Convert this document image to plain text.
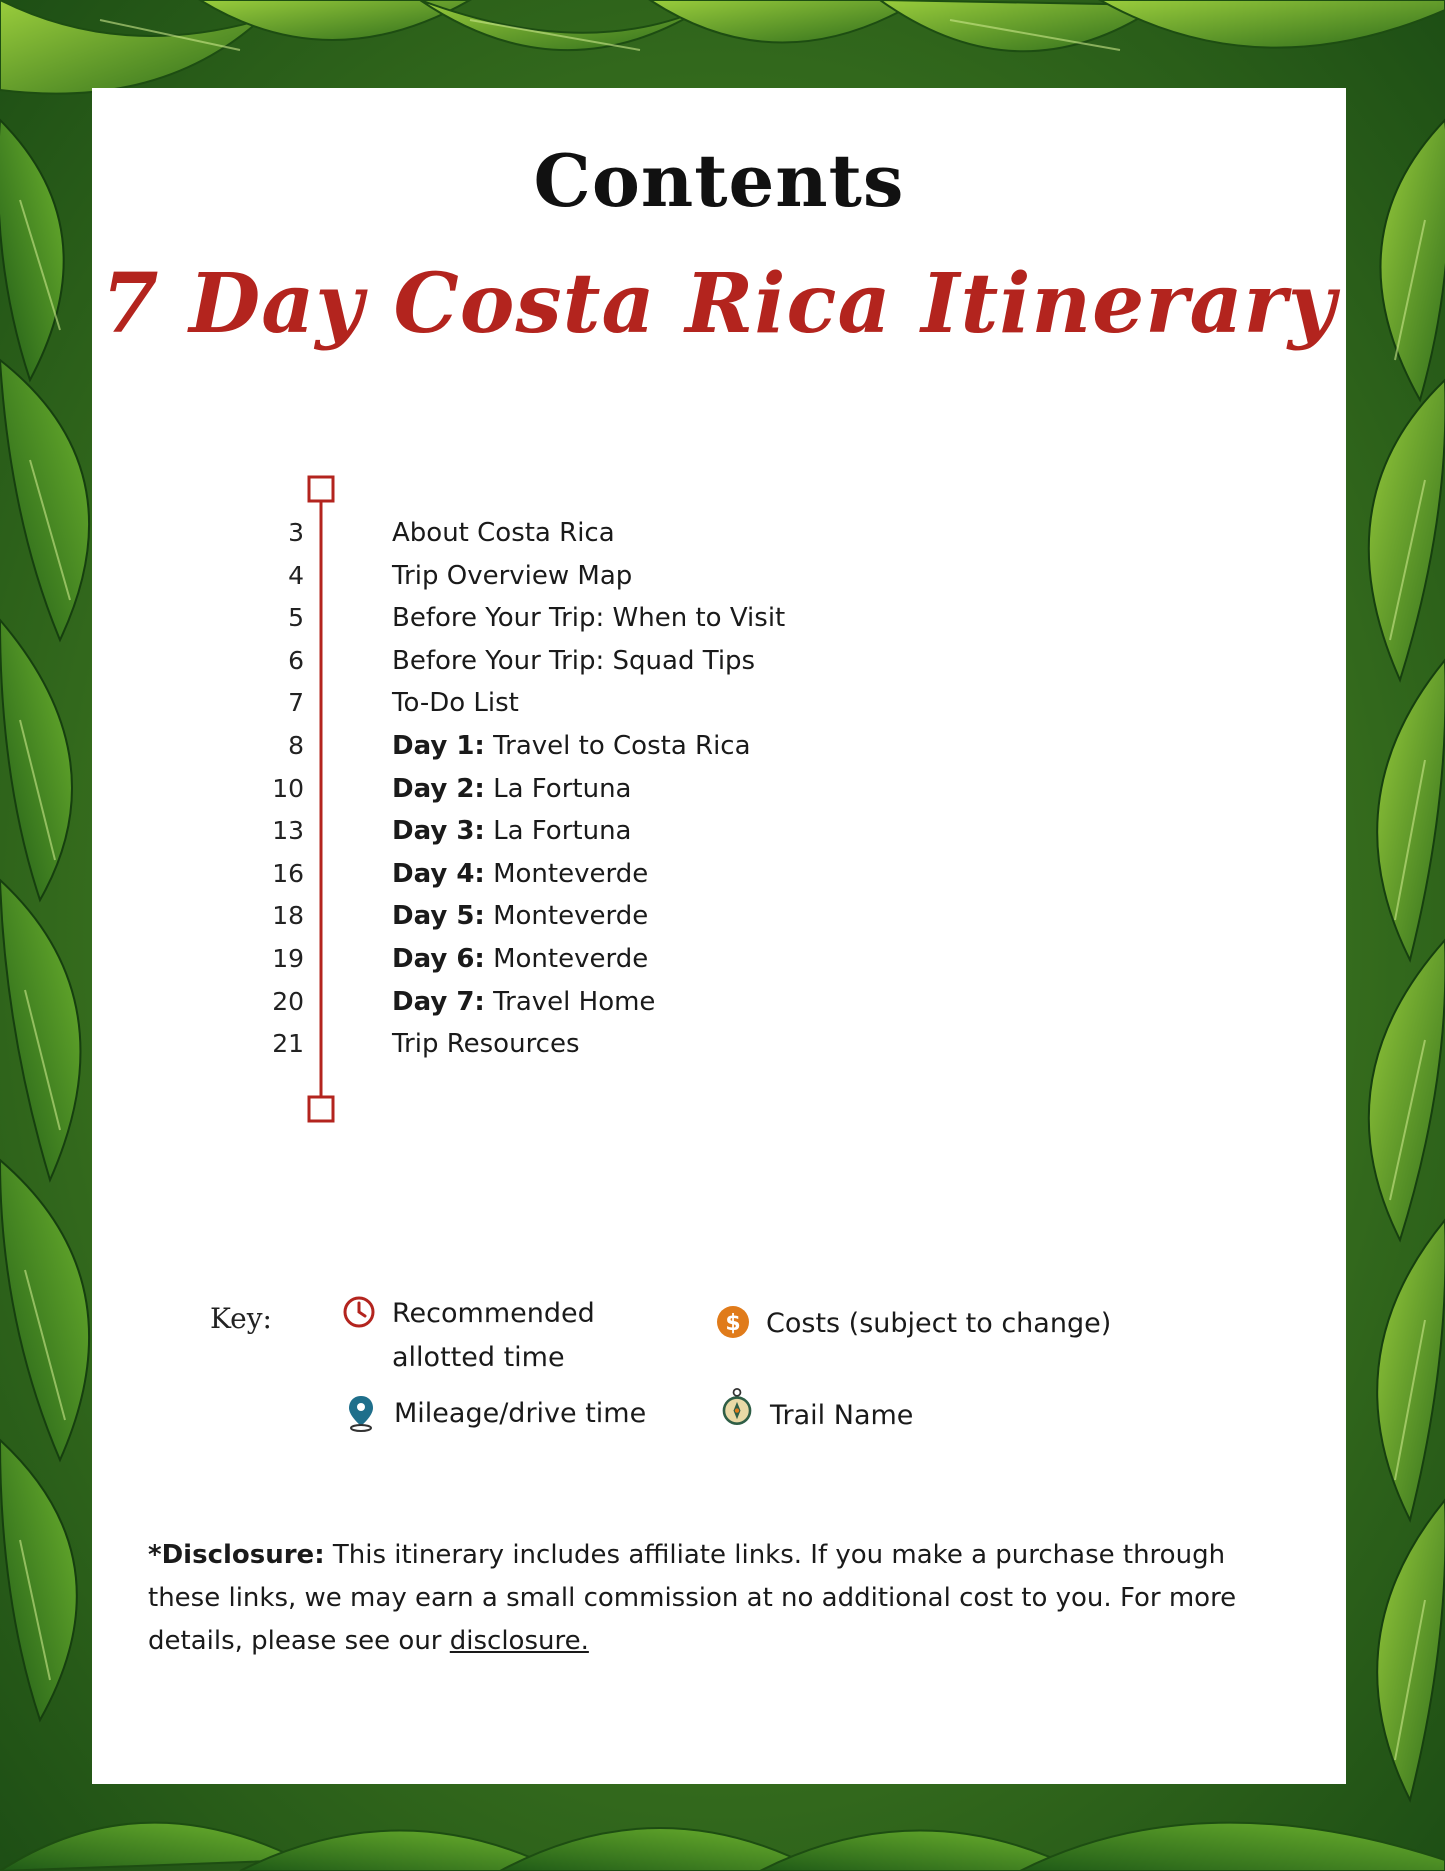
Contents
7 Day Costa Rica Itinerary
3	About Costa Rica
4	Trip Overview Map
5	Before Your Trip: When to Visit
6	Before Your Trip: Squad Tips
7	To-Do List
8	Day 1: Travel to Costa Rica
10	Day 2: La Fortuna
13	Day 3: La Fortuna
16	Day 4: Monteverde
18	Day 5: Monteverde
19	Day 6: Monteverde
20	Day 7: Travel Home
21	Trip Resources
Key:	Recommended
allotted time
$ Costs (subject to change)
Mileage/drive time	Trail Name
*Disclosure: This itinerary includes affiliate links. If you make a purchase through these links, we may earn a small commission at no additional cost to you. For more details, please see our disclosure.
